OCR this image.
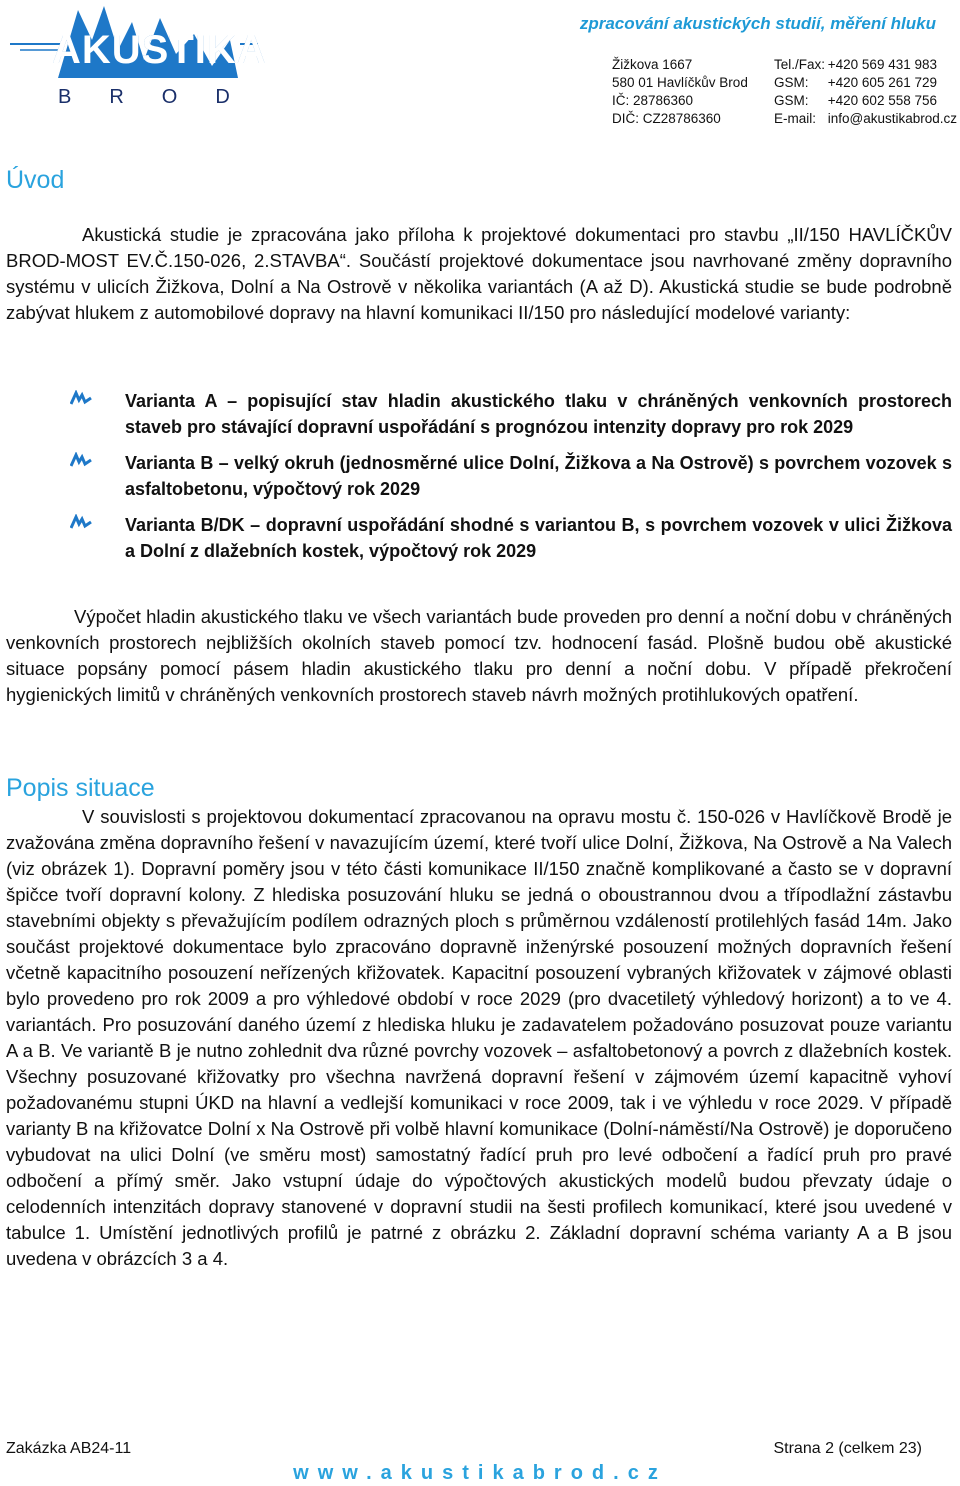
AKUSTIKA
BROD
zpracování akustických studií, měření hluku
Žižkova 1667
580 01 Havlíčkův Brod
IČ: 28786360
DIČ: CZ28786360
Tel./Fax: +420 569 431 983
GSM: +420 605 261 729
GSM: +420 602 558 756
E-mail: info@akustikabrod.cz
Úvod

Akustická studie je zpracována jako příloha k projektové dokumentaci pro stavbu „II/150 HAVLÍČKŮV BROD-MOST EV.Č.150-026, 2.STAVBA“. Součástí projektové dokumentace jsou navrhované změny dopravního systému v ulicích Žižkova, Dolní a Na Ostrově v několika variantách (A až D). Akustická studie se bude podrobně zabývat hlukem z automobilové dopravy na hlavní komunikaci II/150 pro následující modelové varianty:

Varianta A – popisující stav hladin akustického tlaku v chráněných venkovních prostorech staveb pro stávající dopravní uspořádání s prognózou intenzity dopravy pro rok 2029
Varianta B – velký okruh (jednosměrné ulice Dolní, Žižkova a Na Ostrově) s povrchem vozovek s asfaltobetonu, výpočtový rok 2029
Varianta B/DK – dopravní uspořádání shodné s variantou B, s povrchem vozovek v ulici Žižkova a Dolní z dlažebních kostek, výpočtový rok 2029

Výpočet hladin akustického tlaku ve všech variantách bude proveden pro denní a noční dobu v chráněných venkovních prostorech nejbližších okolních staveb pomocí tzv. hodnocení fasád. Plošně budou obě akustické situace popsány pomocí pásem hladin akustického tlaku pro denní a noční dobu. V případě překročení hygienických limitů v chráněných venkovních prostorech staveb návrh možných protihlukových opatření.

Popis situace

V souvislosti s projektovou dokumentací zpracovanou na opravu mostu č. 150-026 v Havlíčkově Brodě je zvažována změna dopravního řešení v navazujícím území, které tvoří ulice Dolní, Žižkova, Na Ostrově a Na Valech (viz obrázek 1). Dopravní poměry jsou v této části komunikace II/150 značně komplikované a často se v dopravní špičce tvoří dopravní kolony. Z hlediska posuzování hluku se jedná o oboustrannou dvou a třípodlažní zástavbu stavebními objekty s převažujícím podílem odrazných ploch s průměrnou vzdáleností protilehlých fasád 14m. Jako součást projektové dokumentace bylo zpracováno dopravně inženýrské posouzení možných dopravních řešení včetně kapacitního posouzení neřízených křižovatek. Kapacitní posouzení vybraných křižovatek v zájmové oblasti bylo provedeno pro rok 2009 a pro výhledové období v roce 2029 (pro dvacetiletý výhledový horizont) a to ve 4. variantách. Pro posuzování daného území z hlediska hluku je zadavatelem požadováno posuzovat pouze variantu A a B. Ve variantě B je nutno zohlednit dva různé povrchy vozovek – asfaltobetonový a povrch z dlažebních kostek. Všechny posuzované křižovatky pro všechna navržená dopravní řešení v zájmovém území kapacitně vyhoví požadovanému stupni ÚKD na hlavní a vedlejší komunikaci v roce 2009, tak i ve výhledu v roce 2029. V případě varianty B na křižovatce Dolní x Na Ostrově při volbě hlavní komunikace (Dolní-náměstí/Na Ostrově) je doporučeno vybudovat na ulici Dolní (ve směru most) samostatný řadící pruh pro levé odbočení a řadící pruh pro pravé odbočení a přímý směr. Jako vstupní údaje do výpočtových akustických modelů budou převzaty údaje o celodenních intenzitách dopravy stanovené v dopravní studii na šesti profilech komunikací, které jsou uvedené v tabulce 1. Umístění jednotlivých profilů je patrné z obrázku 2. Základní dopravní schéma varianty A a B jsou uvedena v obrázcích 3 a 4.

Zakázka AB24-11	Strana 2 (celkem 23)
www.akustikabrod.cz
